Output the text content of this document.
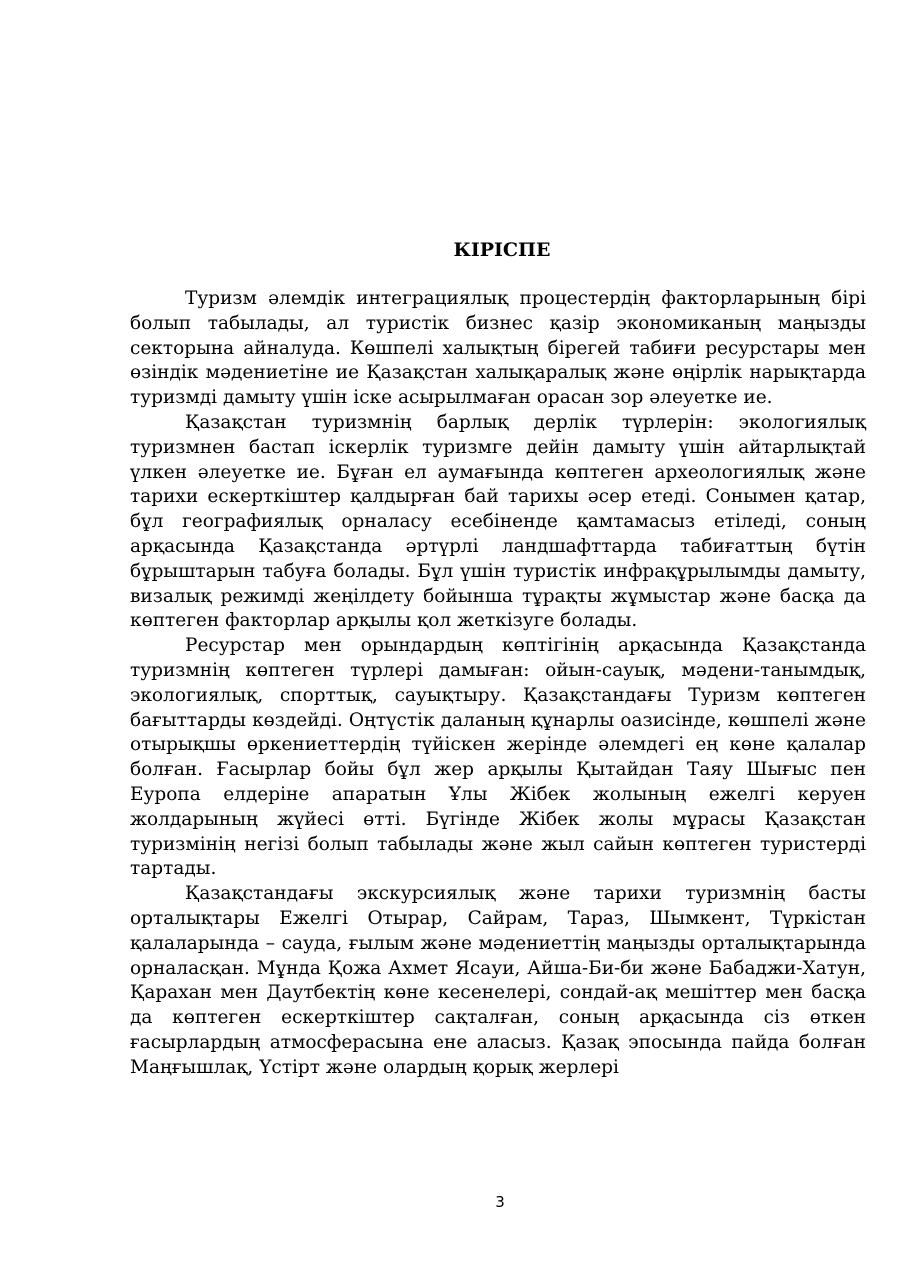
КІРІСПЕ

Туризм әлемдік интеграциялық процестердің факторларының бірі болып табылады, ал туристік бизнес қазір экономиканың маңызды секторына айналуда. Көшпелі халықтың бірегей табиғи ресурстары мен өзіндік мәдениетіне ие Қазақстан халықаралық және өңірлік нарықтарда туризмді дамыту үшін іске асырылмаған орасан зор әлеуетке ие.

Қазақстан туризмнің барлық дерлік түрлерін: экологиялық туризмнен бастап іскерлік туризмге дейін дамыту үшін айтарлықтай үлкен әлеуетке ие. Бұған ел аумағында көптеген археологиялық және тарихи ескерткіштер қалдырған бай тарихы әсер етеді. Сонымен қатар, бұл географиялық орналасу есебіненде қамтамасыз етіледі, соның арқасында Қазақстанда әртүрлі ландшафттарда табиғаттың бүтін бұрыштарын табуға болады. Бұл үшін туристік инфрақұрылымды дамыту, визалық режимді жеңілдету бойынша тұрақты жұмыстар және басқа да көптеген факторлар арқылы қол жеткізуге болады.

Ресурстар мен орындардың көптігінің арқасында Қазақстанда туризмнің көптеген түрлері дамыған: ойын-сауық, мәдени-танымдық, экологиялық, спорттық, сауықтыру. Қазақстандағы Туризм көптеген бағыттарды көздейді. Оңтүстік даланың құнарлы оазисінде, көшпелі және отырықшы өркениеттердің түйіскен жерінде әлемдегі ең көне қалалар болған. Ғасырлар бойы бұл жер арқылы Қытайдан Таяу Шығыс пен Еуропа елдеріне апаратын Ұлы Жібек жолының ежелгі керуен жолдарының жүйесі өтті. Бүгінде Жібек жолы мұрасы Қазақстан туризмінің негізі болып табылады және жыл сайын көптеген туристерді тартады.

Қазақстандағы экскурсиялық және тарихи туризмнің басты орталықтары Ежелгі Отырар, Сайрам, Тараз, Шымкент, Түркістан қалаларында – сауда, ғылым және мәдениеттің маңызды орталықтарында орналасқан. Мұнда Қожа Ахмет Ясауи, Айша-Би-би және Бабаджи-Хатун, Қарахан мен Даутбектің көне кесенелері, сондай-ақ мешіттер мен басқа да көптеген ескерткіштер сақталған, соның арқасында сіз өткен ғасырлардың атмосферасына ене аласыз. Қазақ эпосында пайда болған Маңғышлақ, Үстірт және олардың қорық жерлері

3
